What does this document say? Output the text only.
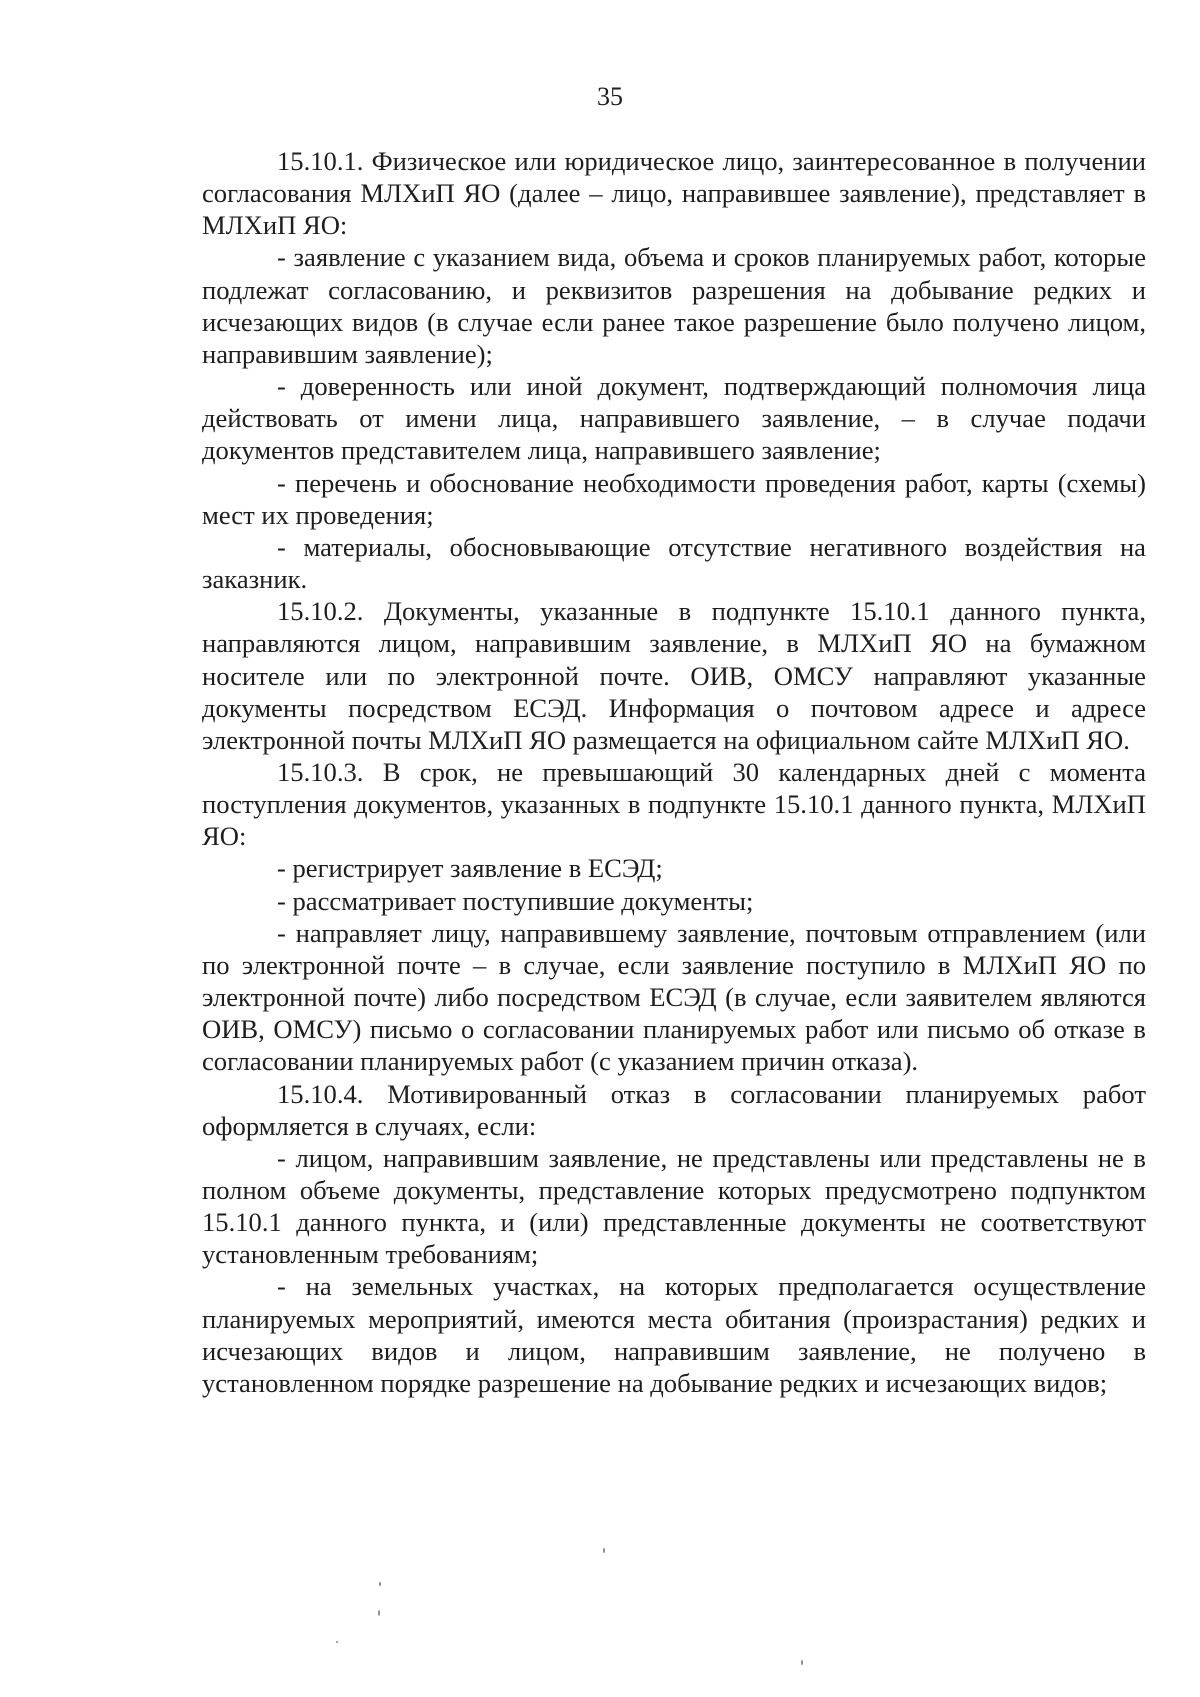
35

15.10.1. Физическое или юридическое лицо, заинтересованное в получении согласования МЛХиП ЯО (далее – лицо, направившее заявление), представляет в МЛХиП ЯО:

- заявление с указанием вида, объема и сроков планируемых работ, которые подлежат согласованию, и реквизитов разрешения на добывание редких и исчезающих видов (в случае если ранее такое разрешение было получено лицом, направившим заявление);

- доверенность или иной документ, подтверждающий полномочия лица действовать от имени лица, направившего заявление, – в случае подачи документов представителем лица, направившего заявление;

- перечень и обоснование необходимости проведения работ, карты (схемы) мест их проведения;

- материалы, обосновывающие отсутствие негативного воздействия на заказник.

15.10.2. Документы, указанные в подпункте 15.10.1 данного пункта, направляются лицом, направившим заявление, в МЛХиП ЯО на бумажном носителе или по электронной почте. ОИВ, ОМСУ направляют указанные документы посредством ЕСЭД. Информация о почтовом адресе и адресе электронной почты МЛХиП ЯО размещается на официальном сайте МЛХиП ЯО.

15.10.3. В срок, не превышающий 30 календарных дней с момента поступления документов, указанных в подпункте 15.10.1 данного пункта, МЛХиП ЯО:

- регистрирует заявление в ЕСЭД;

- рассматривает поступившие документы;

- направляет лицу, направившему заявление, почтовым отправлением (или по электронной почте – в случае, если заявление поступило в МЛХиП ЯО по электронной почте) либо посредством ЕСЭД (в случае, если заявителем являются ОИВ, ОМСУ) письмо о согласовании планируемых работ или письмо об отказе в согласовании планируемых работ (с указанием причин отказа).

15.10.4. Мотивированный отказ в согласовании планируемых работ оформляется в случаях, если:

- лицом, направившим заявление, не представлены или представлены не в полном объеме документы, представление которых предусмотрено подпунктом 15.10.1 данного пункта, и (или) представленные документы не соответствуют установленным требованиям;

- на земельных участках, на которых предполагается осуществление планируемых мероприятий, имеются места обитания (произрастания) редких и исчезающих видов и лицом, направившим заявление, не получено в установленном порядке разрешение на добывание редких и исчезающих видов;
